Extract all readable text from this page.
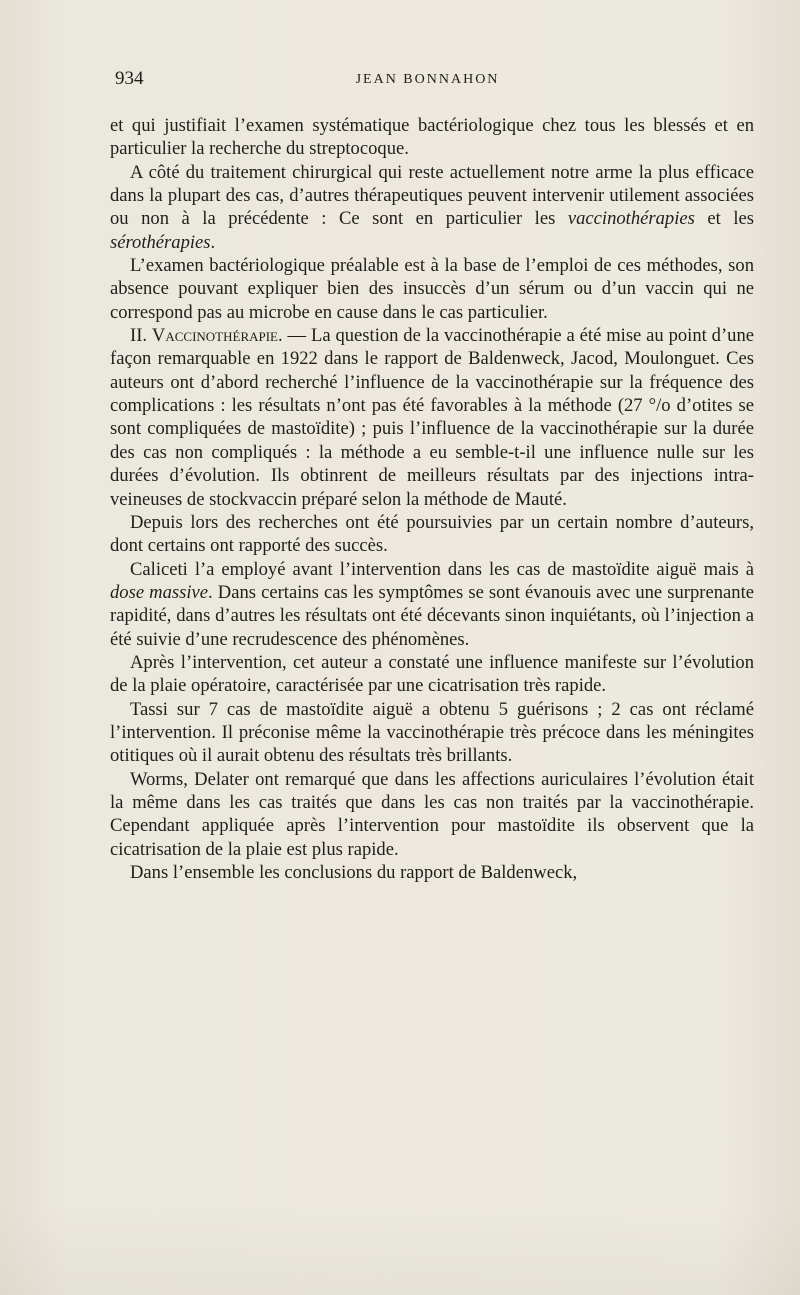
934	JEAN BONNAHON

et qui justifiait l’examen systématique bactériologique chez tous les blessés et en particulier la recherche du streptocoque.

A côté du traitement chirurgical qui reste actuellement notre arme la plus efficace dans la plupart des cas, d’autres thérapeutiques peuvent intervenir utilement associées ou non à la précédente : Ce sont en particulier les vaccinothérapies et les sérothérapies.

L’examen bactériologique préalable est à la base de l’emploi de ces méthodes, son absence pouvant expliquer bien des insuccès d’un sérum ou d’un vaccin qui ne correspond pas au microbe en cause dans le cas particulier.

II. Vaccinothérapie. — La question de la vaccinothérapie a été mise au point d’une façon remarquable en 1922 dans le rapport de Baldenweck, Jacod, Moulonguet. Ces auteurs ont d’abord recherché l’influence de la vaccinothérapie sur la fréquence des complications : les résultats n’ont pas été favorables à la méthode (27 °/o d’otites se sont compliquées de mastoïdite) ; puis l’influence de la vaccinothérapie sur la durée des cas non compliqués : la méthode a eu semble-t-il une influence nulle sur les durées d’évolution. Ils obtinrent de meilleurs résultats par des injections intra-veineuses de stockvaccin préparé selon la méthode de Mauté.

Depuis lors des recherches ont été poursuivies par un certain nombre d’auteurs, dont certains ont rapporté des succès.

Caliceti l’a employé avant l’intervention dans les cas de mastoïdite aiguë mais à dose massive. Dans certains cas les symptômes se sont évanouis avec une surprenante rapidité, dans d’autres les résultats ont été décevants sinon inquiétants, où l’injection a été suivie d’une recrudescence des phénomènes.

Après l’intervention, cet auteur a constaté une influence manifeste sur l’évolution de la plaie opératoire, caractérisée par une cicatrisation très rapide.

Tassi sur 7 cas de mastoïdite aiguë a obtenu 5 guérisons ; 2 cas ont réclamé l’intervention. Il préconise même la vaccinothérapie très précoce dans les méningites otitiques où il aurait obtenu des résultats très brillants.

Worms, Delater ont remarqué que dans les affections auriculaires l’évolution était la même dans les cas traités que dans les cas non traités par la vaccinothérapie. Cependant appliquée après l’intervention pour mastoïdite ils observent que la cicatrisation de la plaie est plus rapide.

Dans l’ensemble les conclusions du rapport de Baldenweck,
